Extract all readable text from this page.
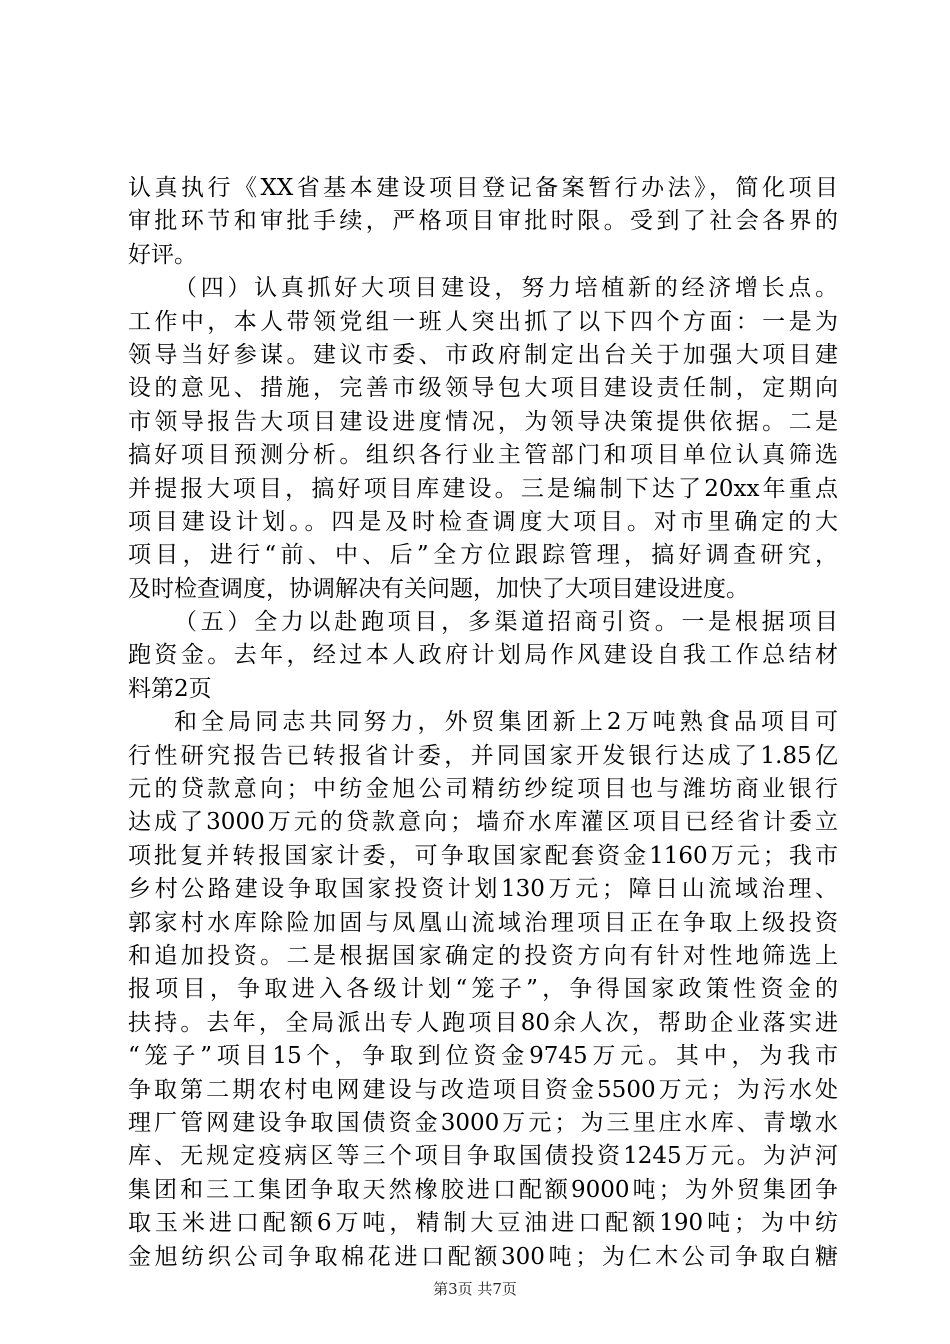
认真执行《XX省基本建设项目登记备案暂行办法》，简化项目
审批环节和审批手续，严格项目审批时限。受到了社会各界的
好评。
（四）认真抓好大项目建设，努力培植新的经济增长点。
工作中，本人带领党组一班人突出抓了以下四个方面：一是为
领导当好参谋。建议市委、市政府制定出台关于加强大项目建
设的意见、措施，完善市级领导包大项目建设责任制，定期向
市领导报告大项目建设进度情况，为领导决策提供依据。二是
搞好项目预测分析。组织各行业主管部门和项目单位认真筛选
并提报大项目，搞好项目库建设。三是编制下达了20xx年重点
项目建设计划。。四是及时检查调度大项目。对市里确定的大
项目，进行“前、中、后”全方位跟踪管理，搞好调查研究，
及时检查调度，协调解决有关问题，加快了大项目建设进度。
（五）全力以赴跑项目，多渠道招商引资。一是根据项目
跑资金。去年，经过本人政府计划局作风建设自我工作总结材
料第2页
和全局同志共同努力，外贸集团新上2万吨熟食品项目可
行性研究报告已转报省计委，并同国家开发银行达成了1.85亿
元的贷款意向；中纺金旭公司精纺纱绽项目也与潍坊商业银行
达成了3000万元的贷款意向；墙夼水库灌区项目已经省计委立
项批复并转报国家计委，可争取国家配套资金1160万元；我市
乡村公路建设争取国家投资计划130万元；障日山流域治理、
郭家村水库除险加固与凤凰山流域治理项目正在争取上级投资
和追加投资。二是根据国家确定的投资方向有针对性地筛选上
报项目，争取进入各级计划“笼子”，争得国家政策性资金的
扶持。去年，全局派出专人跑项目80余人次，帮助企业落实进
“笼子”项目15个，争取到位资金9745万元。其中，为我市
争取第二期农村电网建设与改造项目资金5500万元；为污水处
理厂管网建设争取国债资金3000万元；为三里庄水库、青墩水
库、无规定疫病区等三个项目争取国债投资1245万元。为泸河
集团和三工集团争取天然橡胶进口配额9000吨；为外贸集团争
取玉米进口配额6万吨，精制大豆油进口配额190吨；为中纺
金旭纺织公司争取棉花进口配额300吨；为仁木公司争取白糖
第3页 共7页
